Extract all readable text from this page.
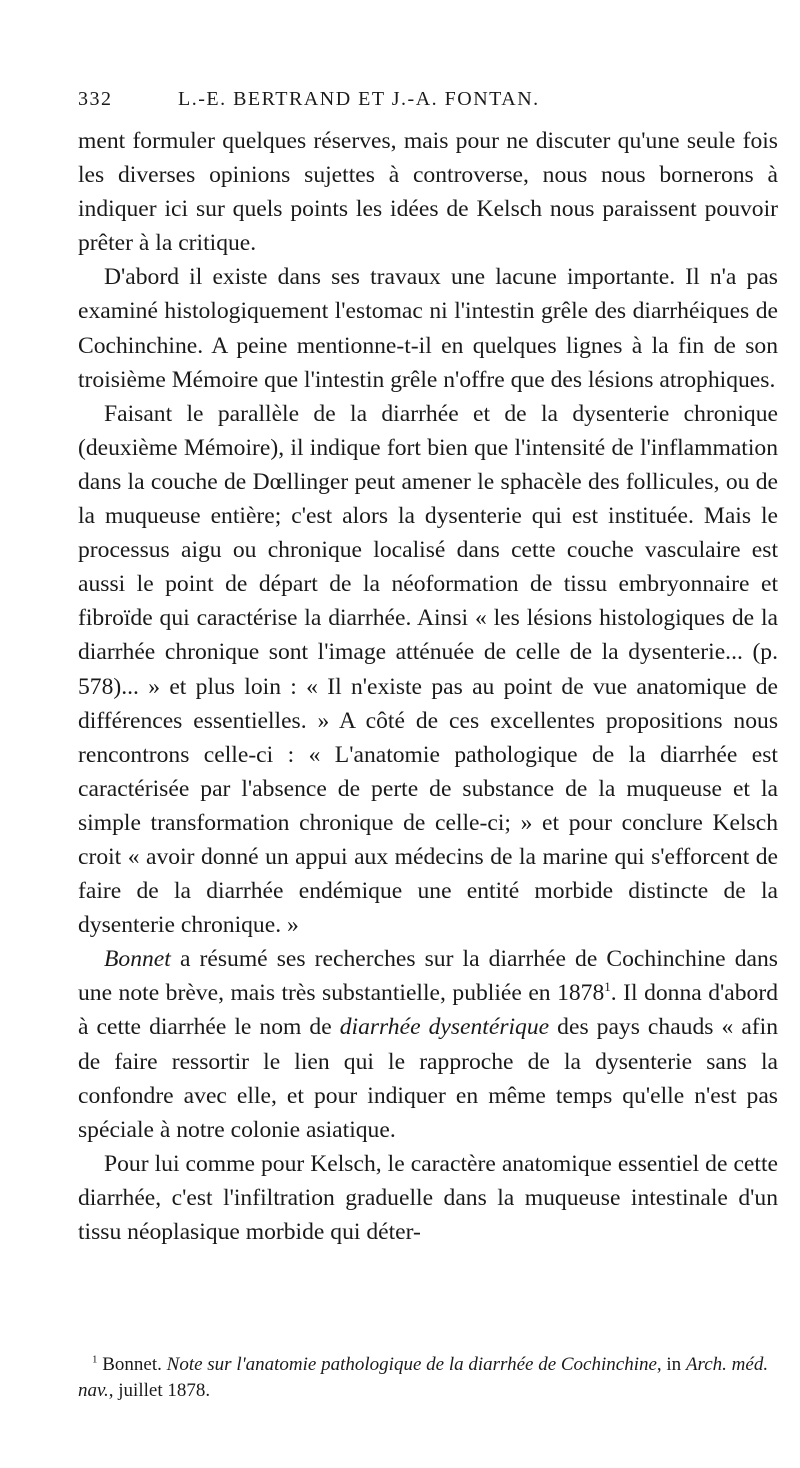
332	L.-E. BERTRAND ET J.-A. FONTAN.

ment formuler quelques réserves, mais pour ne discuter qu'une seule fois les diverses opinions sujettes à controverse, nous nous bornerons à indiquer ici sur quels points les idées de Kelsch nous paraissent pouvoir prêter à la critique.

D'abord il existe dans ses travaux une lacune importante. Il n'a pas examiné histologiquement l'estomac ni l'intestin grêle des diarrhéiques de Cochinchine. A peine mentionne-t-il en quelques lignes à la fin de son troisième Mémoire que l'intestin grêle n'offre que des lésions atrophiques.

Faisant le parallèle de la diarrhée et de la dysenterie chronique (deuxième Mémoire), il indique fort bien que l'intensité de l'inflammation dans la couche de Dœllinger peut amener le sphacèle des follicules, ou de la muqueuse entière; c'est alors la dysenterie qui est instituée. Mais le processus aigu ou chronique localisé dans cette couche vasculaire est aussi le point de départ de la néoformation de tissu embryonnaire et fibroïde qui caractérise la diarrhée. Ainsi « les lésions histologiques de la diarrhée chronique sont l'image atténuée de celle de la dysenterie... (p. 578)... » et plus loin : « Il n'existe pas au point de vue anatomique de différences essentielles. » A côté de ces excellentes propositions nous rencontrons celle-ci : « L'anatomie pathologique de la diarrhée est caractérisée par l'absence de perte de substance de la muqueuse et la simple transformation chronique de celle-ci; » et pour conclure Kelsch croit « avoir donné un appui aux médecins de la marine qui s'efforcent de faire de la diarrhée endémique une entité morbide distincte de la dysenterie chronique. »

Bonnet a résumé ses recherches sur la diarrhée de Cochinchine dans une note brève, mais très substantielle, publiée en 1878$^1$. Il donna d'abord à cette diarrhée le nom de diarrhée dysentérique des pays chauds « afin de faire ressortir le lien qui le rapproche de la dysenterie sans la confondre avec elle, et pour indiquer en même temps qu'elle n'est pas spéciale à notre colonie asiatique.

Pour lui comme pour Kelsch, le caractère anatomique essentiel de cette diarrhée, c'est l'infiltration graduelle dans la muqueuse intestinale d'un tissu néoplasique morbide qui déter-

$^1$ Bonnet. Note sur l'anatomie pathologique de la diarrhée de Cochinchine, in Arch. méd. nav., juillet 1878.
